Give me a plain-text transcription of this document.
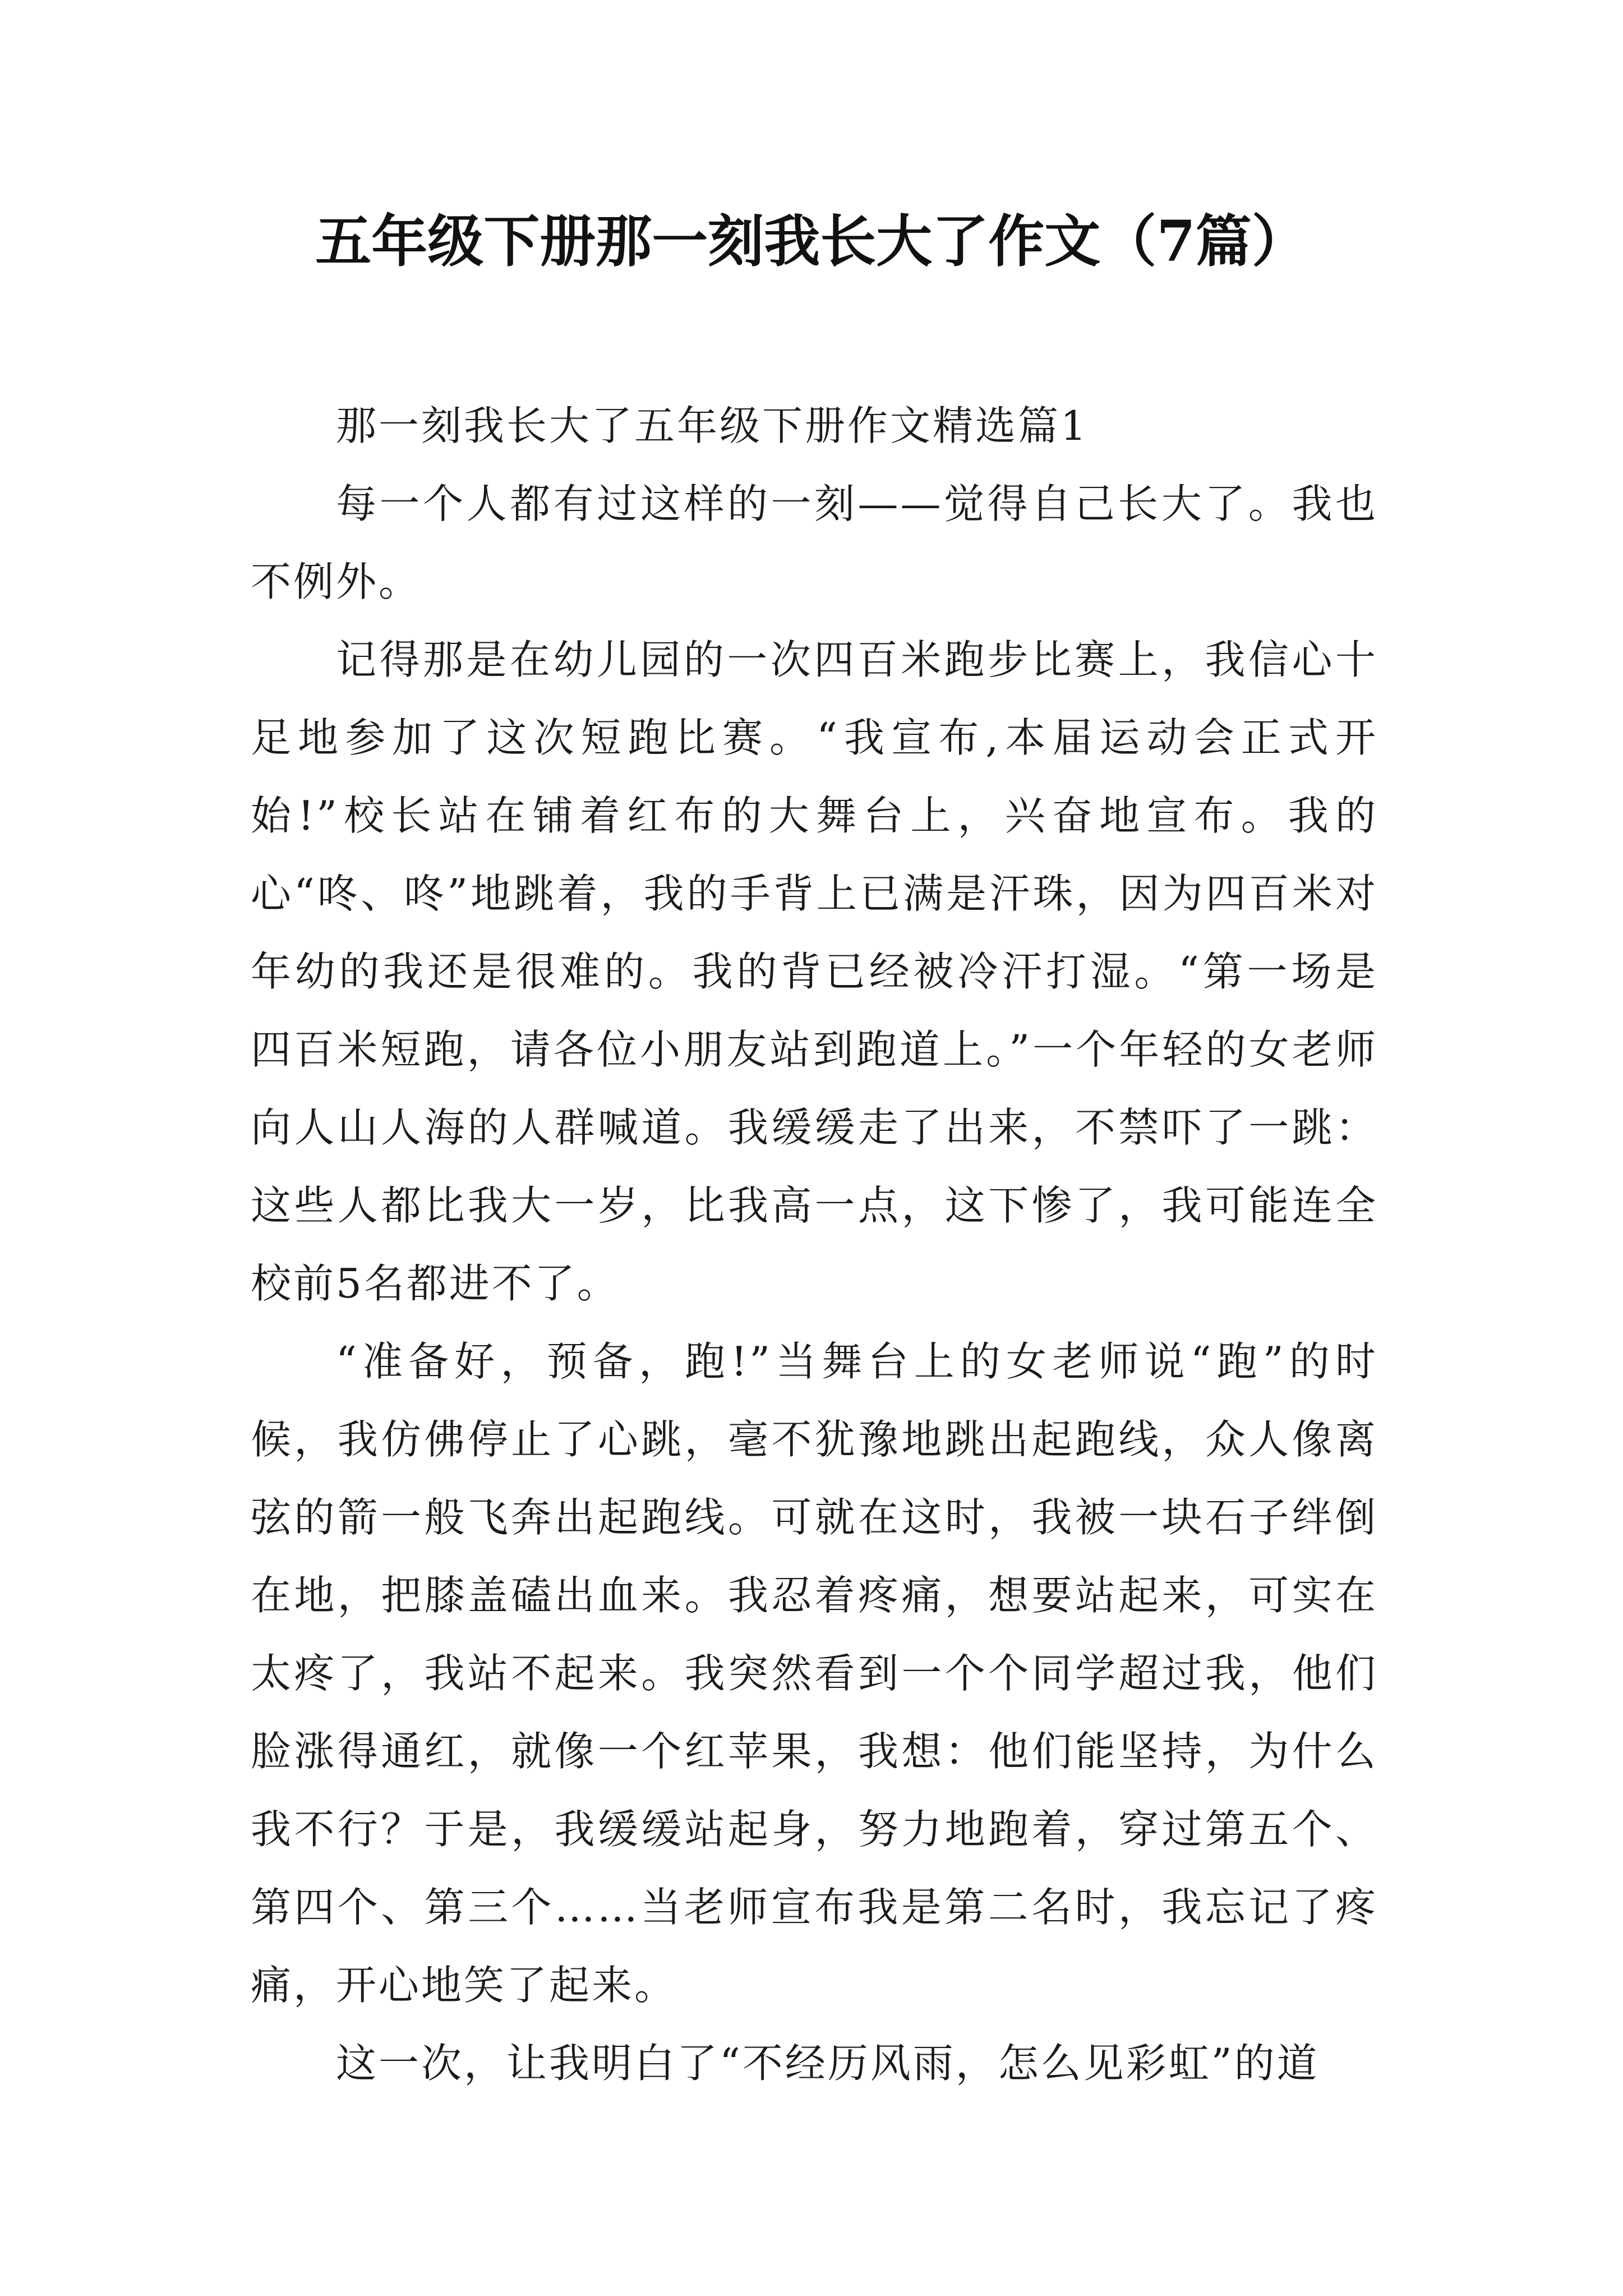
五年级下册那一刻我长大了作文（7篇）

那一刻我长大了五年级下册作文精选篇1

每一个人都有过这样的一刻——觉得自己长大了。我也不例外。

记得那是在幼儿园的一次四百米跑步比赛上，我信心十足地参加了这次短跑比赛。“我宣布,本届运动会正式开始!”校长站在铺着红布的大舞台上，兴奋地宣布。我的心“咚、咚”地跳着，我的手背上已满是汗珠，因为四百米对年幼的我还是很难的。我的背已经被冷汗打湿。“第一场是四百米短跑，请各位小朋友站到跑道上。”一个年轻的女老师向人山人海的人群喊道。我缓缓走了出来，不禁吓了一跳：这些人都比我大一岁，比我高一点，这下惨了，我可能连全校前5名都进不了。

“准备好，预备，跑!”当舞台上的女老师说“跑”的时候，我仿佛停止了心跳，毫不犹豫地跳出起跑线，众人像离弦的箭一般飞奔出起跑线。可就在这时，我被一块石子绊倒在地，把膝盖磕出血来。我忍着疼痛，想要站起来，可实在太疼了，我站不起来。我突然看到一个个同学超过我，他们脸涨得通红，就像一个红苹果，我想：他们能坚持，为什么我不行？于是，我缓缓站起身，努力地跑着，穿过第五个、第四个、第三个……当老师宣布我是第二名时，我忘记了疼痛，开心地笑了起来。

这一次，让我明白了“不经历风雨，怎么见彩虹”的道
